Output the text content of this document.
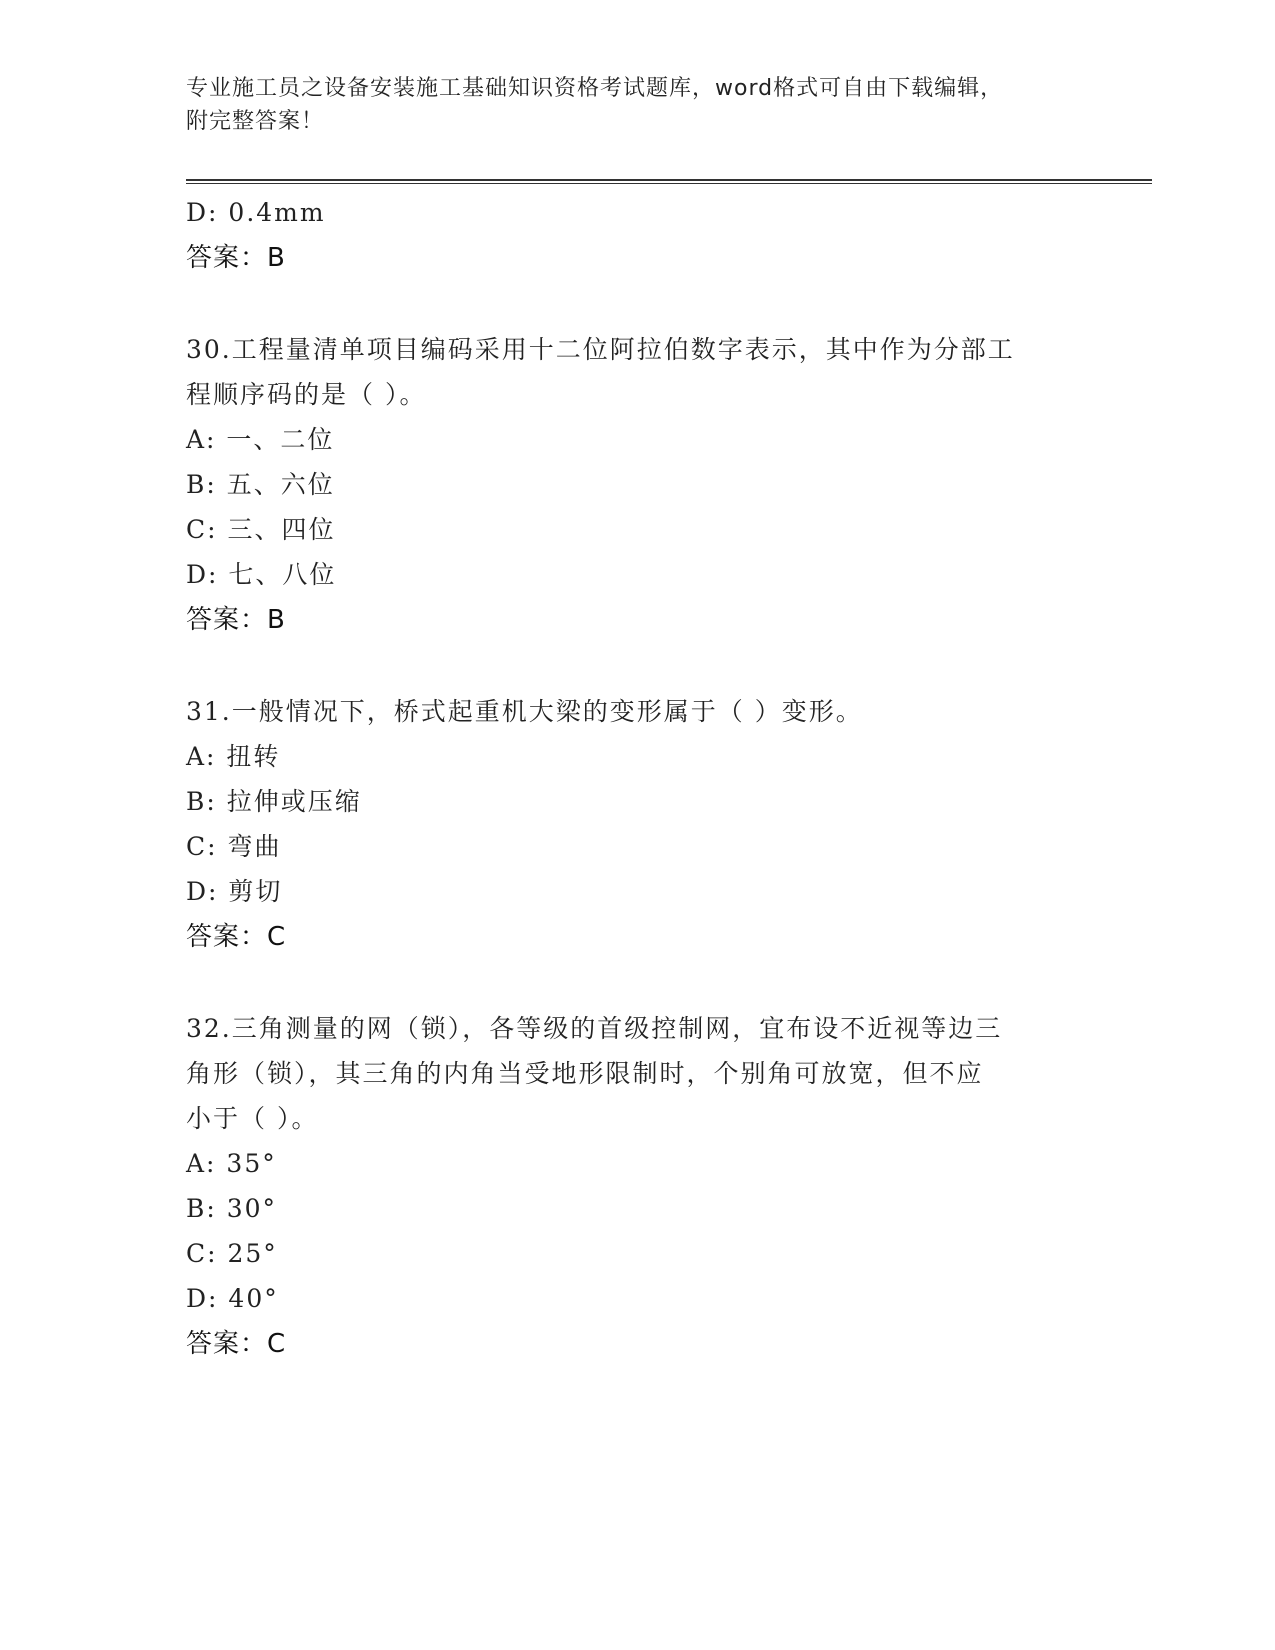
专业施工员之设备安装施工基础知识资格考试题库，word格式可自由下载编辑，
附完整答案！
D: 0.4mm
答案：B
30.工程量清单项目编码采用十二位阿拉伯数字表示，其中作为分部工
程顺序码的是（ ）。
A: 一、二位
B: 五、六位
C: 三、四位
D: 七、八位
答案：B
31.一般情况下，桥式起重机大梁的变形属于（ ）变形。
A: 扭转
B: 拉伸或压缩
C: 弯曲
D: 剪切
答案：C
32.三角测量的网（锁），各等级的首级控制网，宜布设不近视等边三
角形（锁），其三角的内角当受地形限制时，个别角可放宽，但不应
小于（ ）。
A: 35°
B: 30°
C: 25°
D: 40°
答案：C
